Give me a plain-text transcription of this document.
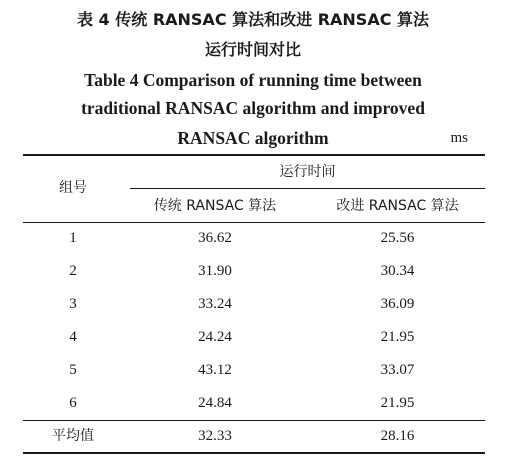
表 4 传统 RANSAC 算法和改进 RANSAC 算法
运行时间对比
Table 4 Comparison of running time between
traditional RANSAC algorithm and improved
RANSAC algorithm	ms
组号
运行时间
传统 RANSAC 算法	改进 RANSAC 算法
1	36.62	25.56
2	31.90	30.34
3	33.24	36.09
4	24.24	21.95
5	43.12	33.07
6	24.84	21.95
平均值	32.33	28.16
